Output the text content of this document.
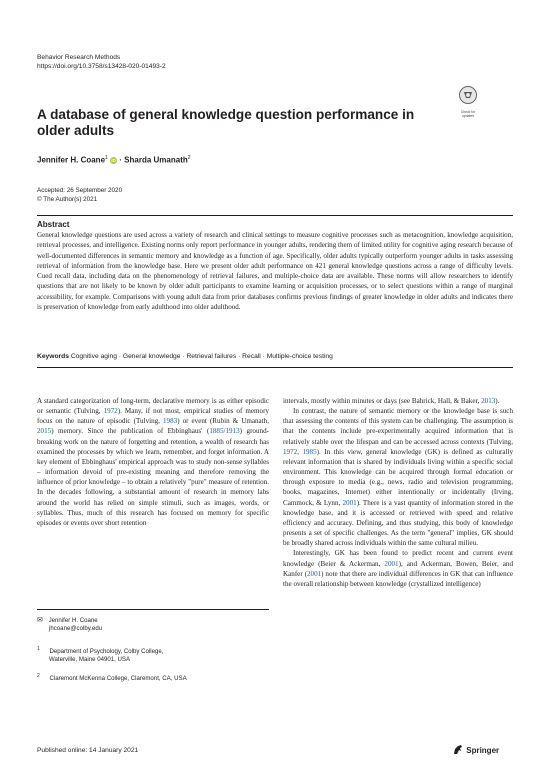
Behavior Research Methods
https://doi.org/10.3758/s13428-020-01493-2
Check for
updates
A database of general knowledge question performance in older adults
Jennifer H. Coane$^1$ iD · Sharda Umanath$^2$
Accepted: 26 September 2020
© The Author(s) 2021
Abstract
General knowledge questions are used across a variety of research and clinical settings to measure cognitive processes such as metacognition, knowledge acquisition, retrieval processes, and intelligence. Existing norms only report performance in younger adults, rendering them of limited utility for cognitive aging research because of well-documented differences in semantic memory and knowledge as a function of age. Specifically, older adults typically outperform younger adults in tasks assessing retrieval of information from the knowledge base. Here we present older adult performance on 421 general knowledge questions across a range of difficulty levels. Cued recall data, including data on the phenomenology of retrieval failures, and multiple-choice data are available. These norms will allow researchers to identify questions that are not likely to be known by older adult participants to examine learning or acquisition processes, or to select questions within a range of marginal accessibility, for example. Comparisons with young adult data from prior databases confirms previous findings of greater knowledge in older adults and indicates there is preservation of knowledge from early adulthood into older adulthood.
Keywords Cognitive aging · General knowledge · Retrieval failures · Recall · Multiple-choice testing

A standard categorization of long-term, declarative memory is as either episodic or semantic (Tulving, 1972). Many, if not most, empirical studies of memory focus on the nature of episodic (Tulving, 1983) or event (Rubin & Umanath, 2015) memory. Since the publication of Ebbinghaus' (1885/1913) ground-breaking work on the nature of forgetting and retention, a wealth of research has examined the processes by which we learn, remember, and forget information. A key element of Ebbinghaus' empirical approach was to study non-sense syllables – information devoid of pre-existing meaning and therefore removing the influence of prior knowledge – to obtain a relatively "pure" measure of retention. In the decades following, a substantial amount of research in memory labs around the world has relied on simple stimuli, such as images, words, or syllables. Thus, much of this research has focused on memory for specific episodes or events over short retention

✉ Jennifer H. Coane
jhcoane@colby.edu
$^1$ Department of Psychology, Colby College,
Waterville, Maine 04901, USA
$^2$ Claremont McKenna College, Claremont, CA, USA

intervals, mostly within minutes or days (see Bahrick, Hall, & Baker, 2013).

In contrast, the nature of semantic memory or the knowledge base is such that assessing the contents of this system can be challenging. The assumption is that the contents include pre-experimentally acquired information that is relatively stable over the lifespan and can be accessed across contexts (Tulving, 1972, 1985). In this view, general knowledge (GK) is defined as culturally relevant information that is shared by individuals living within a specific social environment. This knowledge can be acquired through formal education or through exposure to media (e.g., news, radio and television programming, books, magazines, Internet) either intentionally or incidentally (Irving, Cammock, & Lynn, 2001). There is a vast quantity of information stored in the knowledge base, and it is accessed or retrieved with speed and relative efficiency and accuracy. Defining, and thus studying, this body of knowledge presents a set of specific challenges. As the term "general" implies, GK should be broadly shared across individuals within the same cultural milieu.

Interestingly, GK has been found to predict recent and current event knowledge (Beier & Ackerman, 2001), and Ackerman, Bowen, Beier, and Kanfer (2001) note that there are individual differences in GK that can influence the overall relationship between knowledge (crystallized intelligence)

Published online: 14 January 2021	Springer
